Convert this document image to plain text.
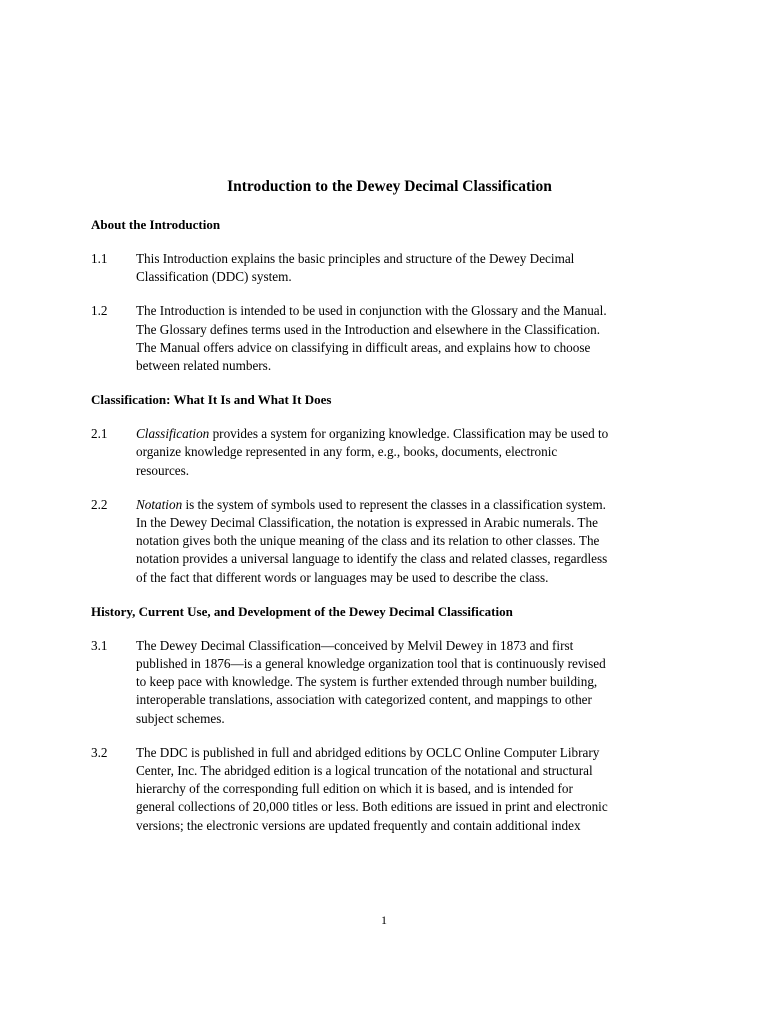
Introduction to the Dewey Decimal Classification
About the Introduction
1.1	This Introduction explains the basic principles and structure of the Dewey Decimal
Classification (DDC) system.
1.2	The Introduction is intended to be used in conjunction with the Glossary and the Manual.
The Glossary defines terms used in the Introduction and elsewhere in the Classification.
The Manual offers advice on classifying in difficult areas, and explains how to choose
between related numbers.
Classification: What It Is and What It Does
2.1	Classification provides a system for organizing knowledge. Classification may be used to
organize knowledge represented in any form, e.g., books, documents, electronic
resources.
2.2	Notation is the system of symbols used to represent the classes in a classification system.
In the Dewey Decimal Classification, the notation is expressed in Arabic numerals. The
notation gives both the unique meaning of the class and its relation to other classes. The
notation provides a universal language to identify the class and related classes, regardless
of the fact that different words or languages may be used to describe the class.
History, Current Use, and Development of the Dewey Decimal Classification
3.1	The Dewey Decimal Classification—conceived by Melvil Dewey in 1873 and first
published in 1876—is a general knowledge organization tool that is continuously revised
to keep pace with knowledge. The system is further extended through number building,
interoperable translations, association with categorized content, and mappings to other
subject schemes.
3.2	The DDC is published in full and abridged editions by OCLC Online Computer Library
Center, Inc. The abridged edition is a logical truncation of the notational and structural
hierarchy of the corresponding full edition on which it is based, and is intended for
general collections of 20,000 titles or less. Both editions are issued in print and electronic
versions; the electronic versions are updated frequently and contain additional index
1
